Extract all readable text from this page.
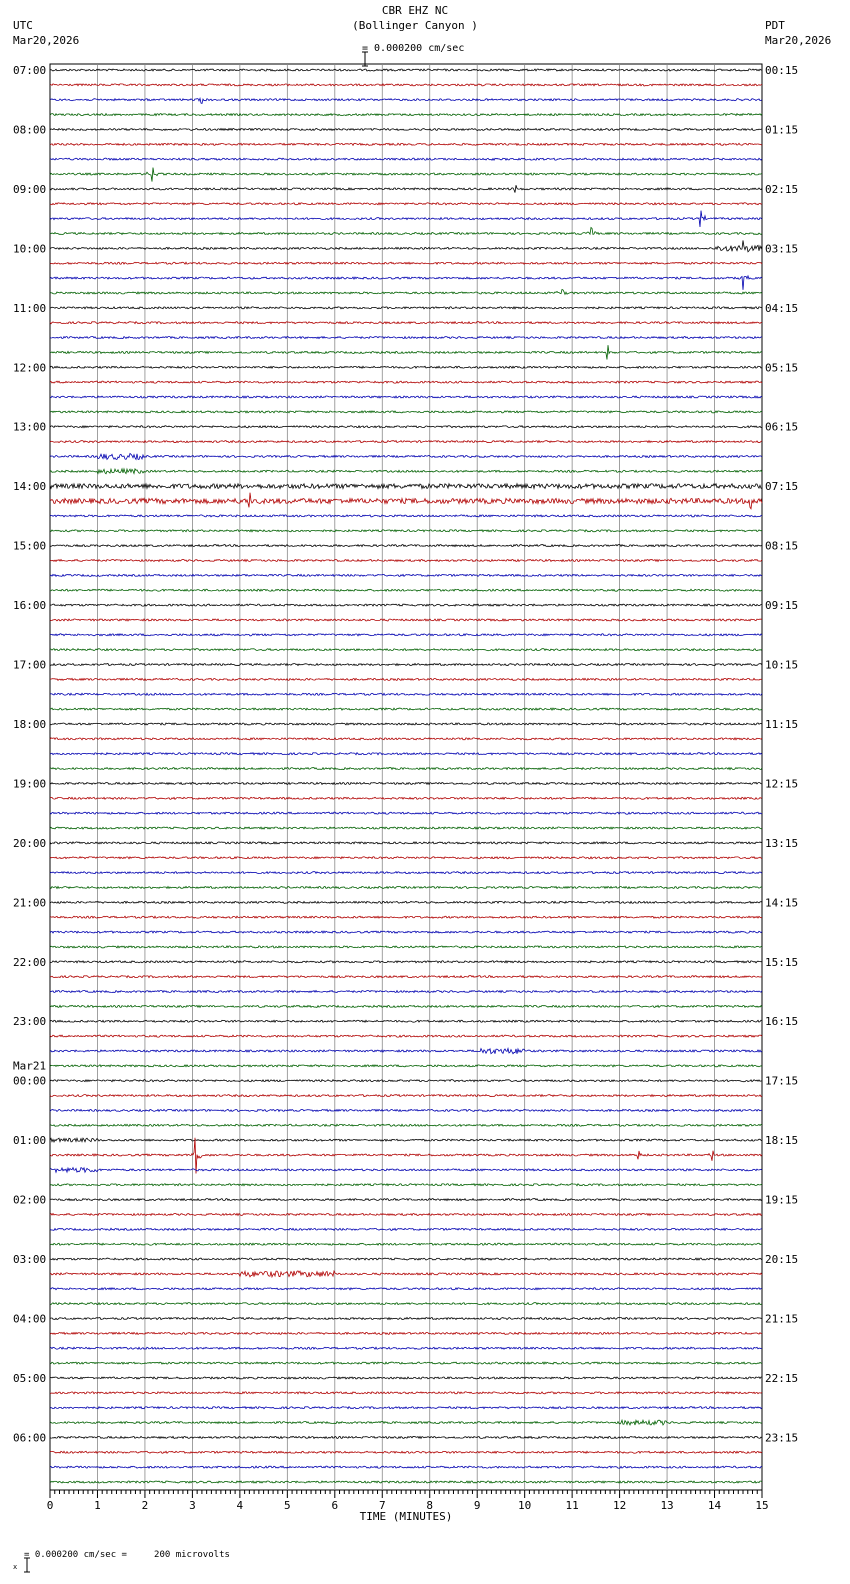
CBR EHZ NC
(Bollinger Canyon )

= 0.000200 cm/sec
UTC
Mar20,2026
PDT
Mar20,2026
07:00
08:00
09:00
10:00
11:00
12:00
13:00
14:00
15:00
16:00
17:00
18:00
19:00
20:00
21:00
22:00
23:00
Mar21
00:00
01:00
02:00
03:00
04:00
05:00
06:00
00:15
01:15
02:15
03:15
04:15
05:15
06:15
07:15
08:15
09:15
10:15
11:15
12:15
13:15
14:15
15:15
16:15
17:15
18:15
19:15
20:15
21:15
22:15
23:15
0	1	2	3	4	5	6	7	8	9	10	11	12	13	14	15
TIME (MINUTES)

x

= 0.000200 cm/sec =     200 microvolts
